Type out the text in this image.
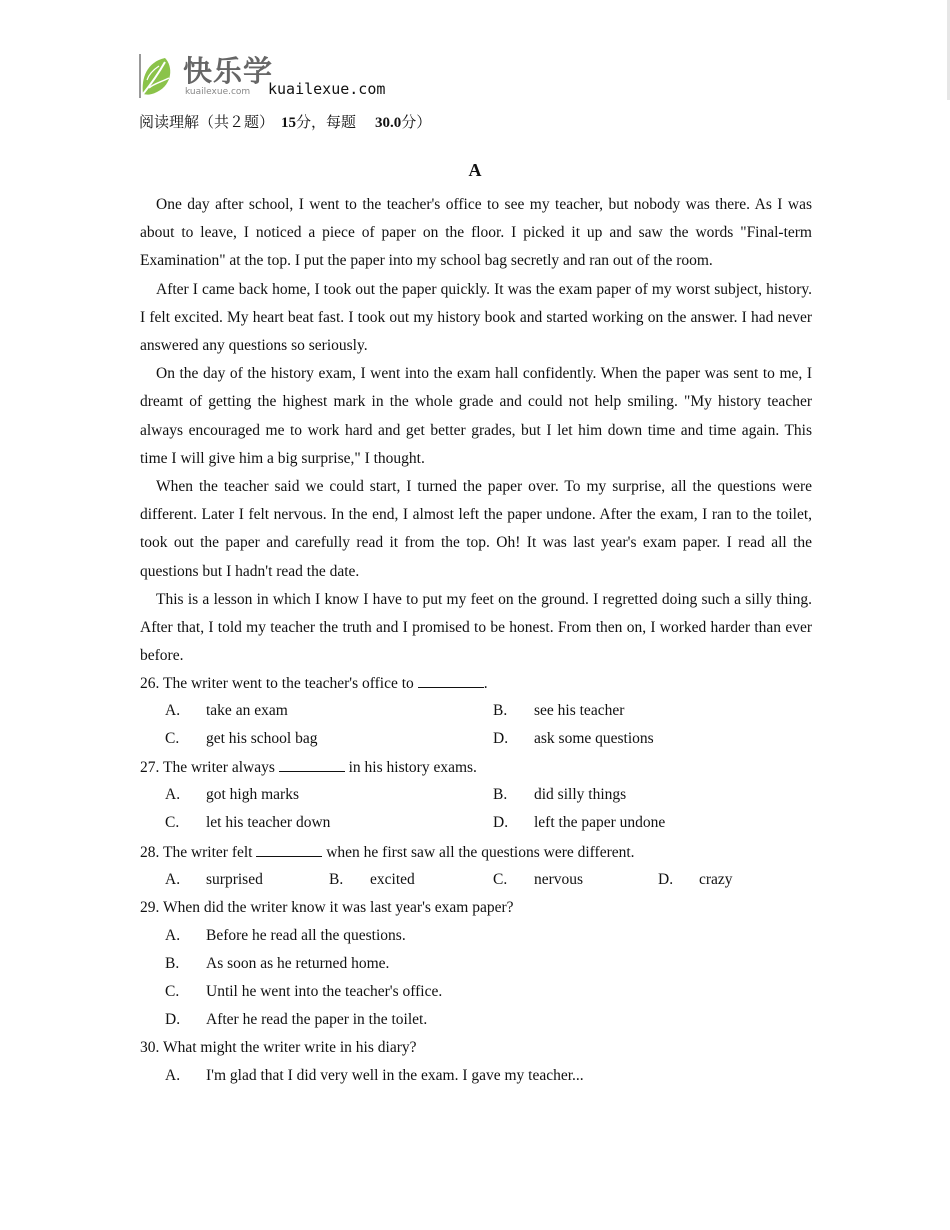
快乐学
kuailexue.com kuailexue.com
阅读理解（共２题） 15分，每题 30.0分）
A

One day after school, I went to the teacher's office to see my teacher, but nobody was there. As I was about to leave, I noticed a piece of paper on the floor. I picked it up and saw the words "Final-term Examination" at the top. I put the paper into my school bag secretly and ran out of the room.

After I came back home, I took out the paper quickly. It was the exam paper of my worst subject, history. I felt excited. My heart beat fast. I took out my history book and started working on the answer. I had never answered any questions so seriously.

On the day of the history exam, I went into the exam hall confidently. When the paper was sent to me, I dreamt of getting the highest mark in the whole grade and could not help smiling. "My history teacher always encouraged me to work hard and get better grades, but I let him down time and time again. This time I will give him a big surprise," I thought.

When the teacher said we could start, I turned the paper over. To my surprise, all the questions were different. Later I felt nervous. In the end, I almost left the paper undone. After the exam, I ran to the toilet, took out the paper and carefully read it from the top. Oh! It was last year's exam paper. I read all the questions but I hadn't read the date.

This is a lesson in which I know I have to put my feet on the ground. I regretted doing such a silly thing. After that, I told my teacher the truth and I promised to be honest. From then on, I worked harder than ever before.

26. The writer went to the teacher's office to	.
A. take an exam	B. see his teacher
C. get his school bag	D. ask some questions
27. The writer always	in his history exams.
A. got high marks	B. did silly things
C. let his teacher down	D. left the paper undone
28. The writer felt	when he first saw all the questions were different.
A. surprised	B. excited	C. nervous	D. crazy
29. When did the writer know it was last year's exam paper?
A. Before he read all the questions.
B. As soon as he returned home.
C. Until he went into the teacher's office.
D. After he read the paper in the toilet.
30. What might the writer write in his diary?
A. I'm glad that I did very well in the exam. I gave my teacher...
